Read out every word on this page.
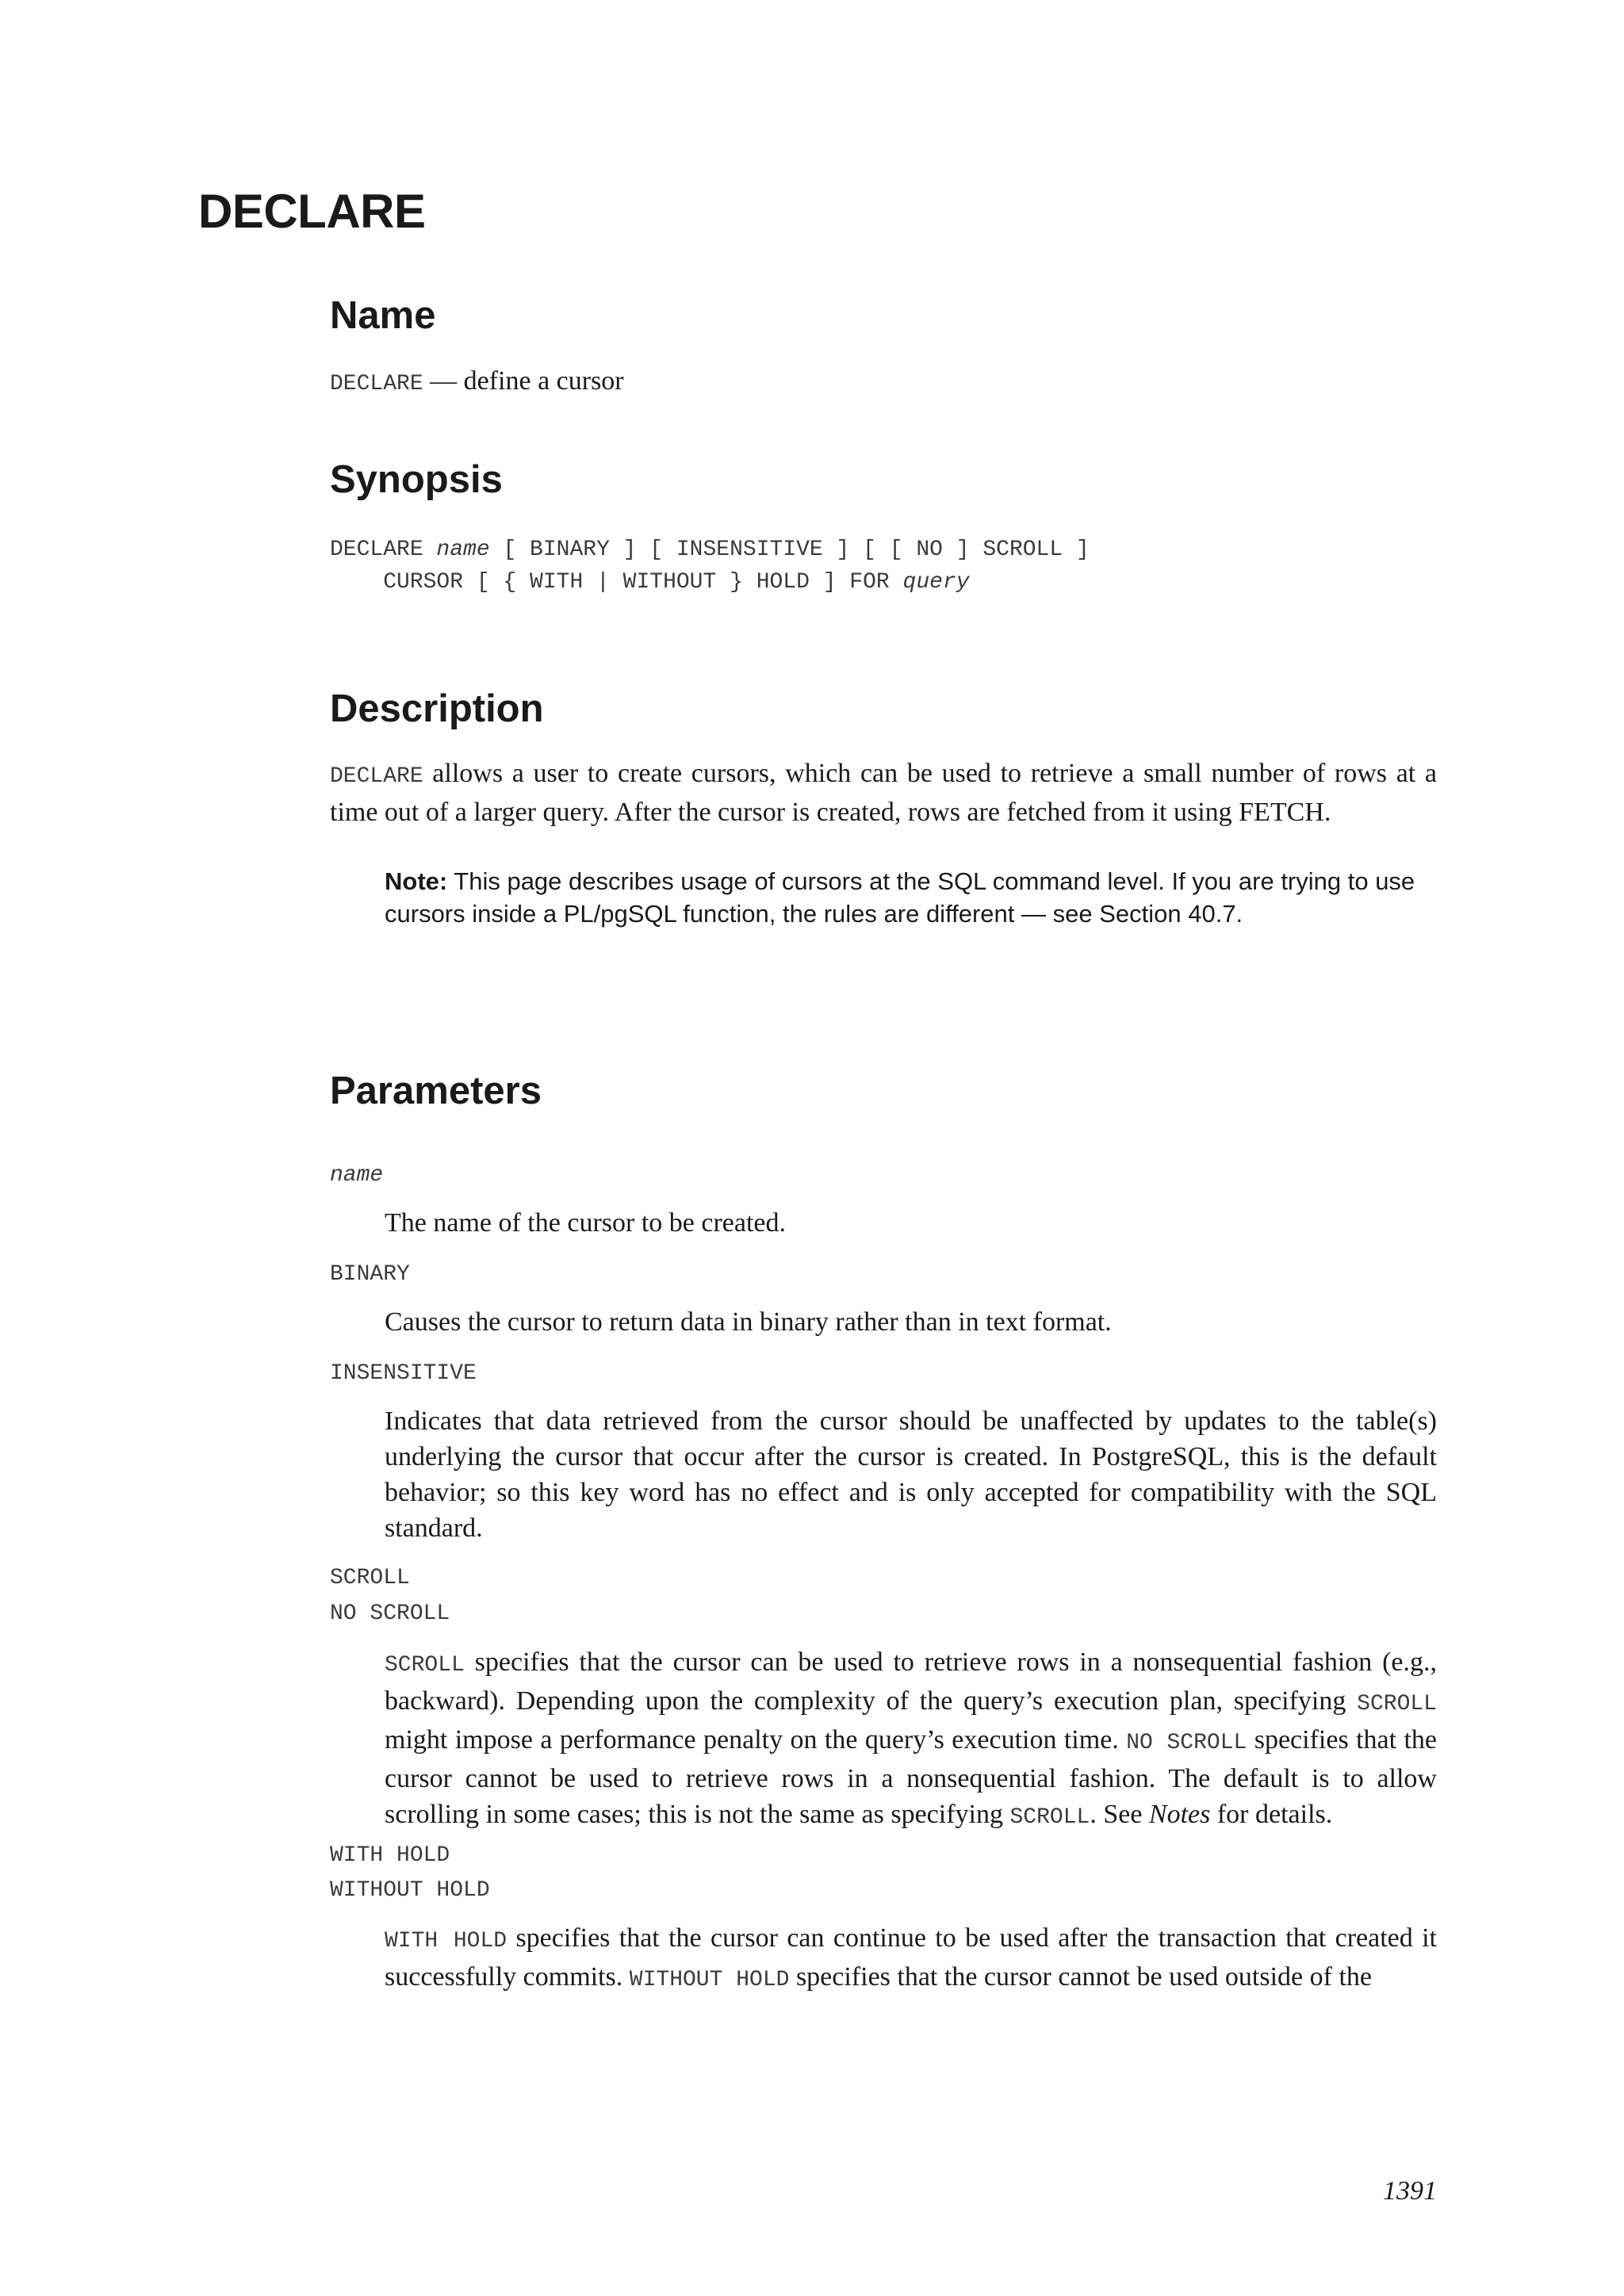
DECLARE
Name

DECLARE — define a cursor

Synopsis
DECLARE name [ BINARY ] [ INSENSITIVE ] [ [ NO ] SCROLL ]
CURSOR [ { WITH | WITHOUT } HOLD ] FOR query
Description

DECLARE allows a user to create cursors, which can be used to retrieve a small number of rows at a time out of a larger query. After the cursor is created, rows are fetched from it using FETCH.

Note: This page describes usage of cursors at the SQL command level. If you are trying to use cursors inside a PL/pgSQL function, the rules are different — see Section 40.7.

Parameters
name

The name of the cursor to be created.

BINARY

Causes the cursor to return data in binary rather than in text format.

INSENSITIVE

Indicates that data retrieved from the cursor should be unaffected by updates to the table(s) underlying the cursor that occur after the cursor is created. In PostgreSQL, this is the default behavior; so this key word has no effect and is only accepted for compatibility with the SQL standard.

SCROLL
NO SCROLL

SCROLL specifies that the cursor can be used to retrieve rows in a nonsequential fashion (e.g., backward). Depending upon the complexity of the query’s execution plan, specifying SCROLL might impose a performance penalty on the query’s execution time. NO SCROLL specifies that the cursor cannot be used to retrieve rows in a nonsequential fashion. The default is to allow scrolling in some cases; this is not the same as specifying SCROLL. See Notes for details.

WITH HOLD
WITHOUT HOLD

WITH HOLD specifies that the cursor can continue to be used after the transaction that created it successfully commits. WITHOUT HOLD specifies that the cursor cannot be used outside of the

1391
